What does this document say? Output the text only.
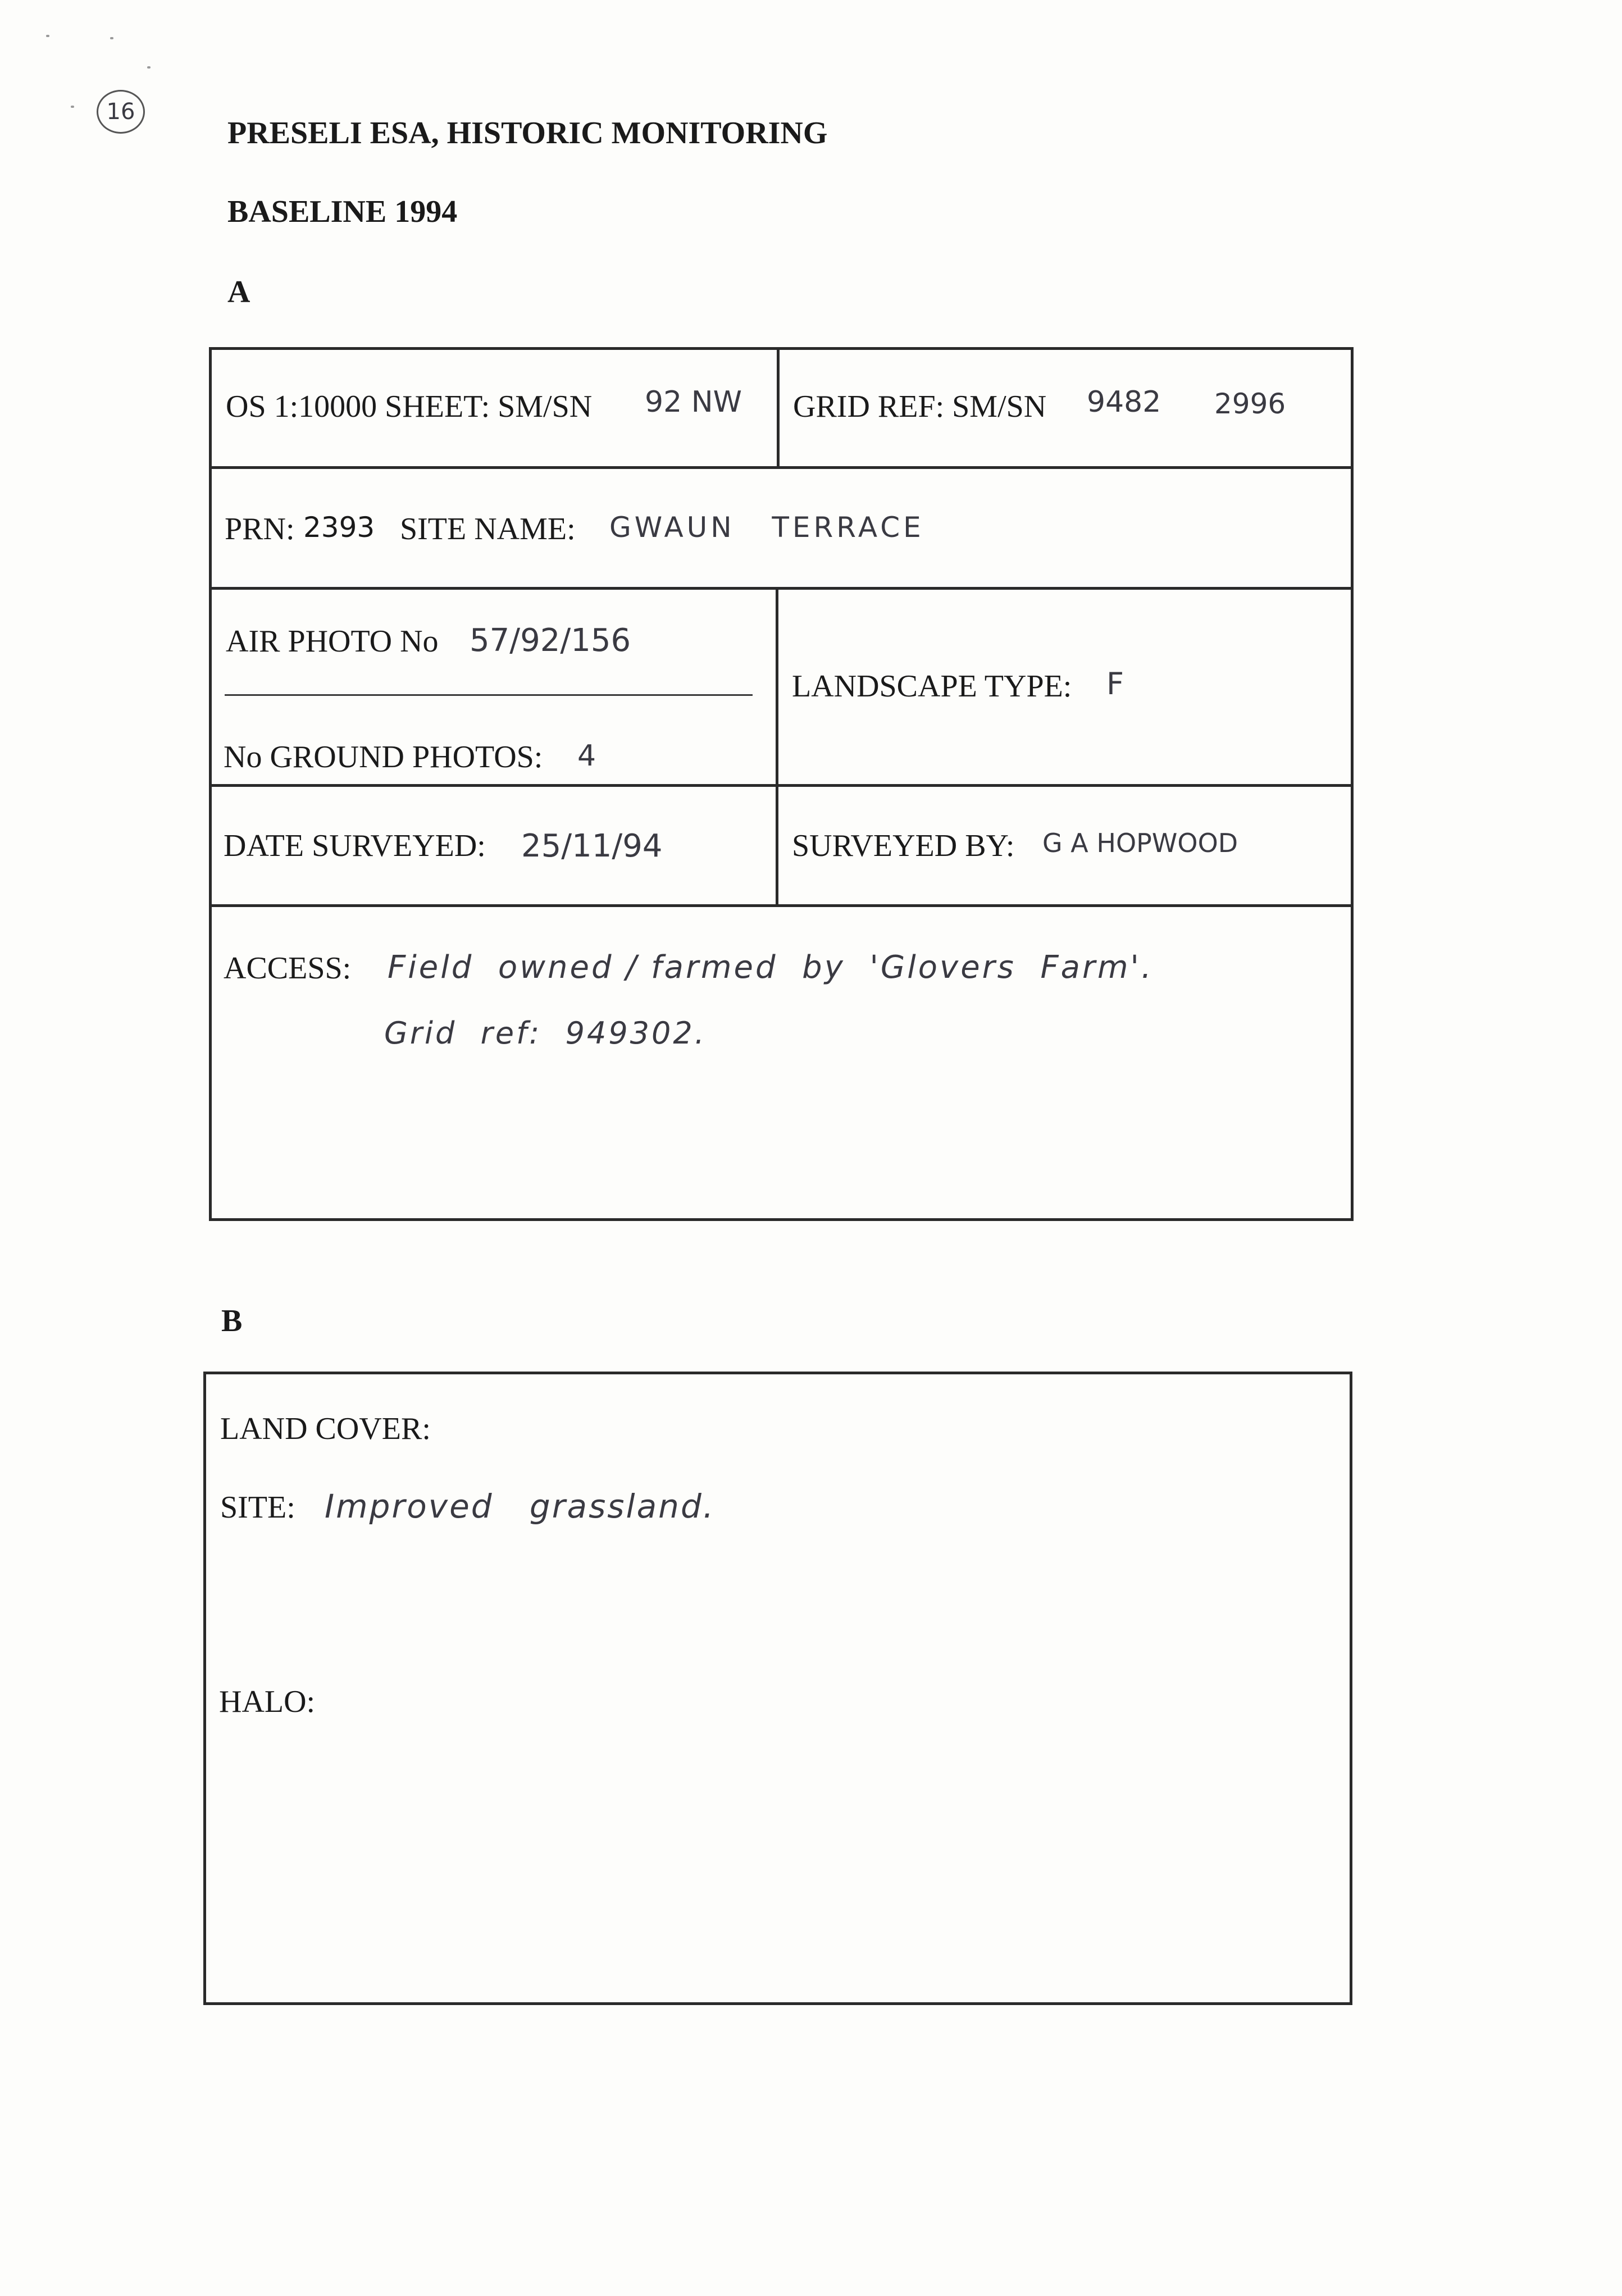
16
PRESELI ESA, HISTORIC MONITORING
BASELINE 1994
A
OS 1:10000 SHEET: SM/SN 92 NW GRID REF: SM/SN 9482 2996
PRN: 2393 SITE NAME: GWAUN   TERRACE
AIR PHOTO No 57/92/156
No GROUND PHOTOS: 4
LANDSCAPE TYPE: F
DATE SURVEYED: 25/11/94	SURVEYED BY: G A HOPWOOD
ACCESS: Field  owned / farmed  by  'Glovers  Farm'.
Grid  ref:  949302.
B
LAND COVER:
SITE: Improved   grassland.
HALO:
